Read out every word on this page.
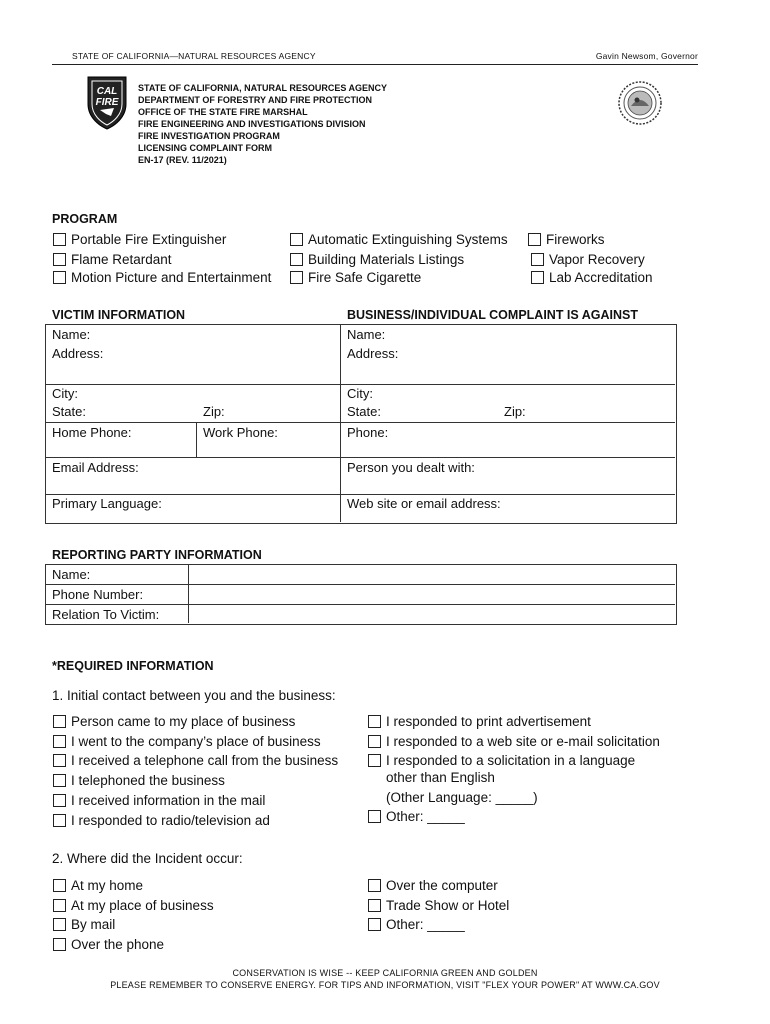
STATE OF CALIFORNIA—NATURAL RESOURCES AGENCY	Gavin Newsom, Governor
CAL
FIRE
STATE OF CALIFORNIA, NATURAL RESOURCES AGENCY
DEPARTMENT OF FORESTRY AND FIRE PROTECTION
OFFICE OF THE STATE FIRE MARSHAL
FIRE ENGINEERING AND INVESTIGATIONS DIVISION
FIRE INVESTIGATION PROGRAM
LICENSING COMPLAINT FORM
EN-17 (REV. 11/2021)
PROGRAM
Portable Fire Extinguisher
Flame Retardant
Motion Picture and Entertainment
Automatic Extinguishing Systems
Building Materials Listings
Fire Safe Cigarette
Fireworks
Vapor Recovery
Lab Accreditation
VICTIM INFORMATION	BUSINESS/INDIVIDUAL COMPLAINT IS AGAINST
Name:
Address:
City:
State:	Zip:
Home Phone:	Work Phone:
Email Address:
Primary Language:
Name:
Address:
City:
State:	Zip:
Phone:
Person you dealt with:
Web site or email address:
REPORTING PARTY INFORMATION
Name:
Phone Number:
Relation To Victim:
*REQUIRED INFORMATION
1. Initial contact between you and the business:
Person came to my place of business
I went to the company’s place of business
I received a telephone call from the business
I telephoned the business
I received information in the mail
I responded to radio/television ad
I responded to print advertisement
I responded to a web site or e-mail solicitation
I responded to a solicitation in a language
other than English
(Other Language: _____)
Other: _____
2. Where did the Incident occur:
At my home
At my place of business
By mail
Over the phone
Over the computer
Trade Show or Hotel
Other: _____
CONSERVATION IS WISE -- KEEP CALIFORNIA GREEN AND GOLDEN
PLEASE REMEMBER TO CONSERVE ENERGY. FOR TIPS AND INFORMATION, VISIT "FLEX YOUR POWER" AT WWW.CA.GOV
